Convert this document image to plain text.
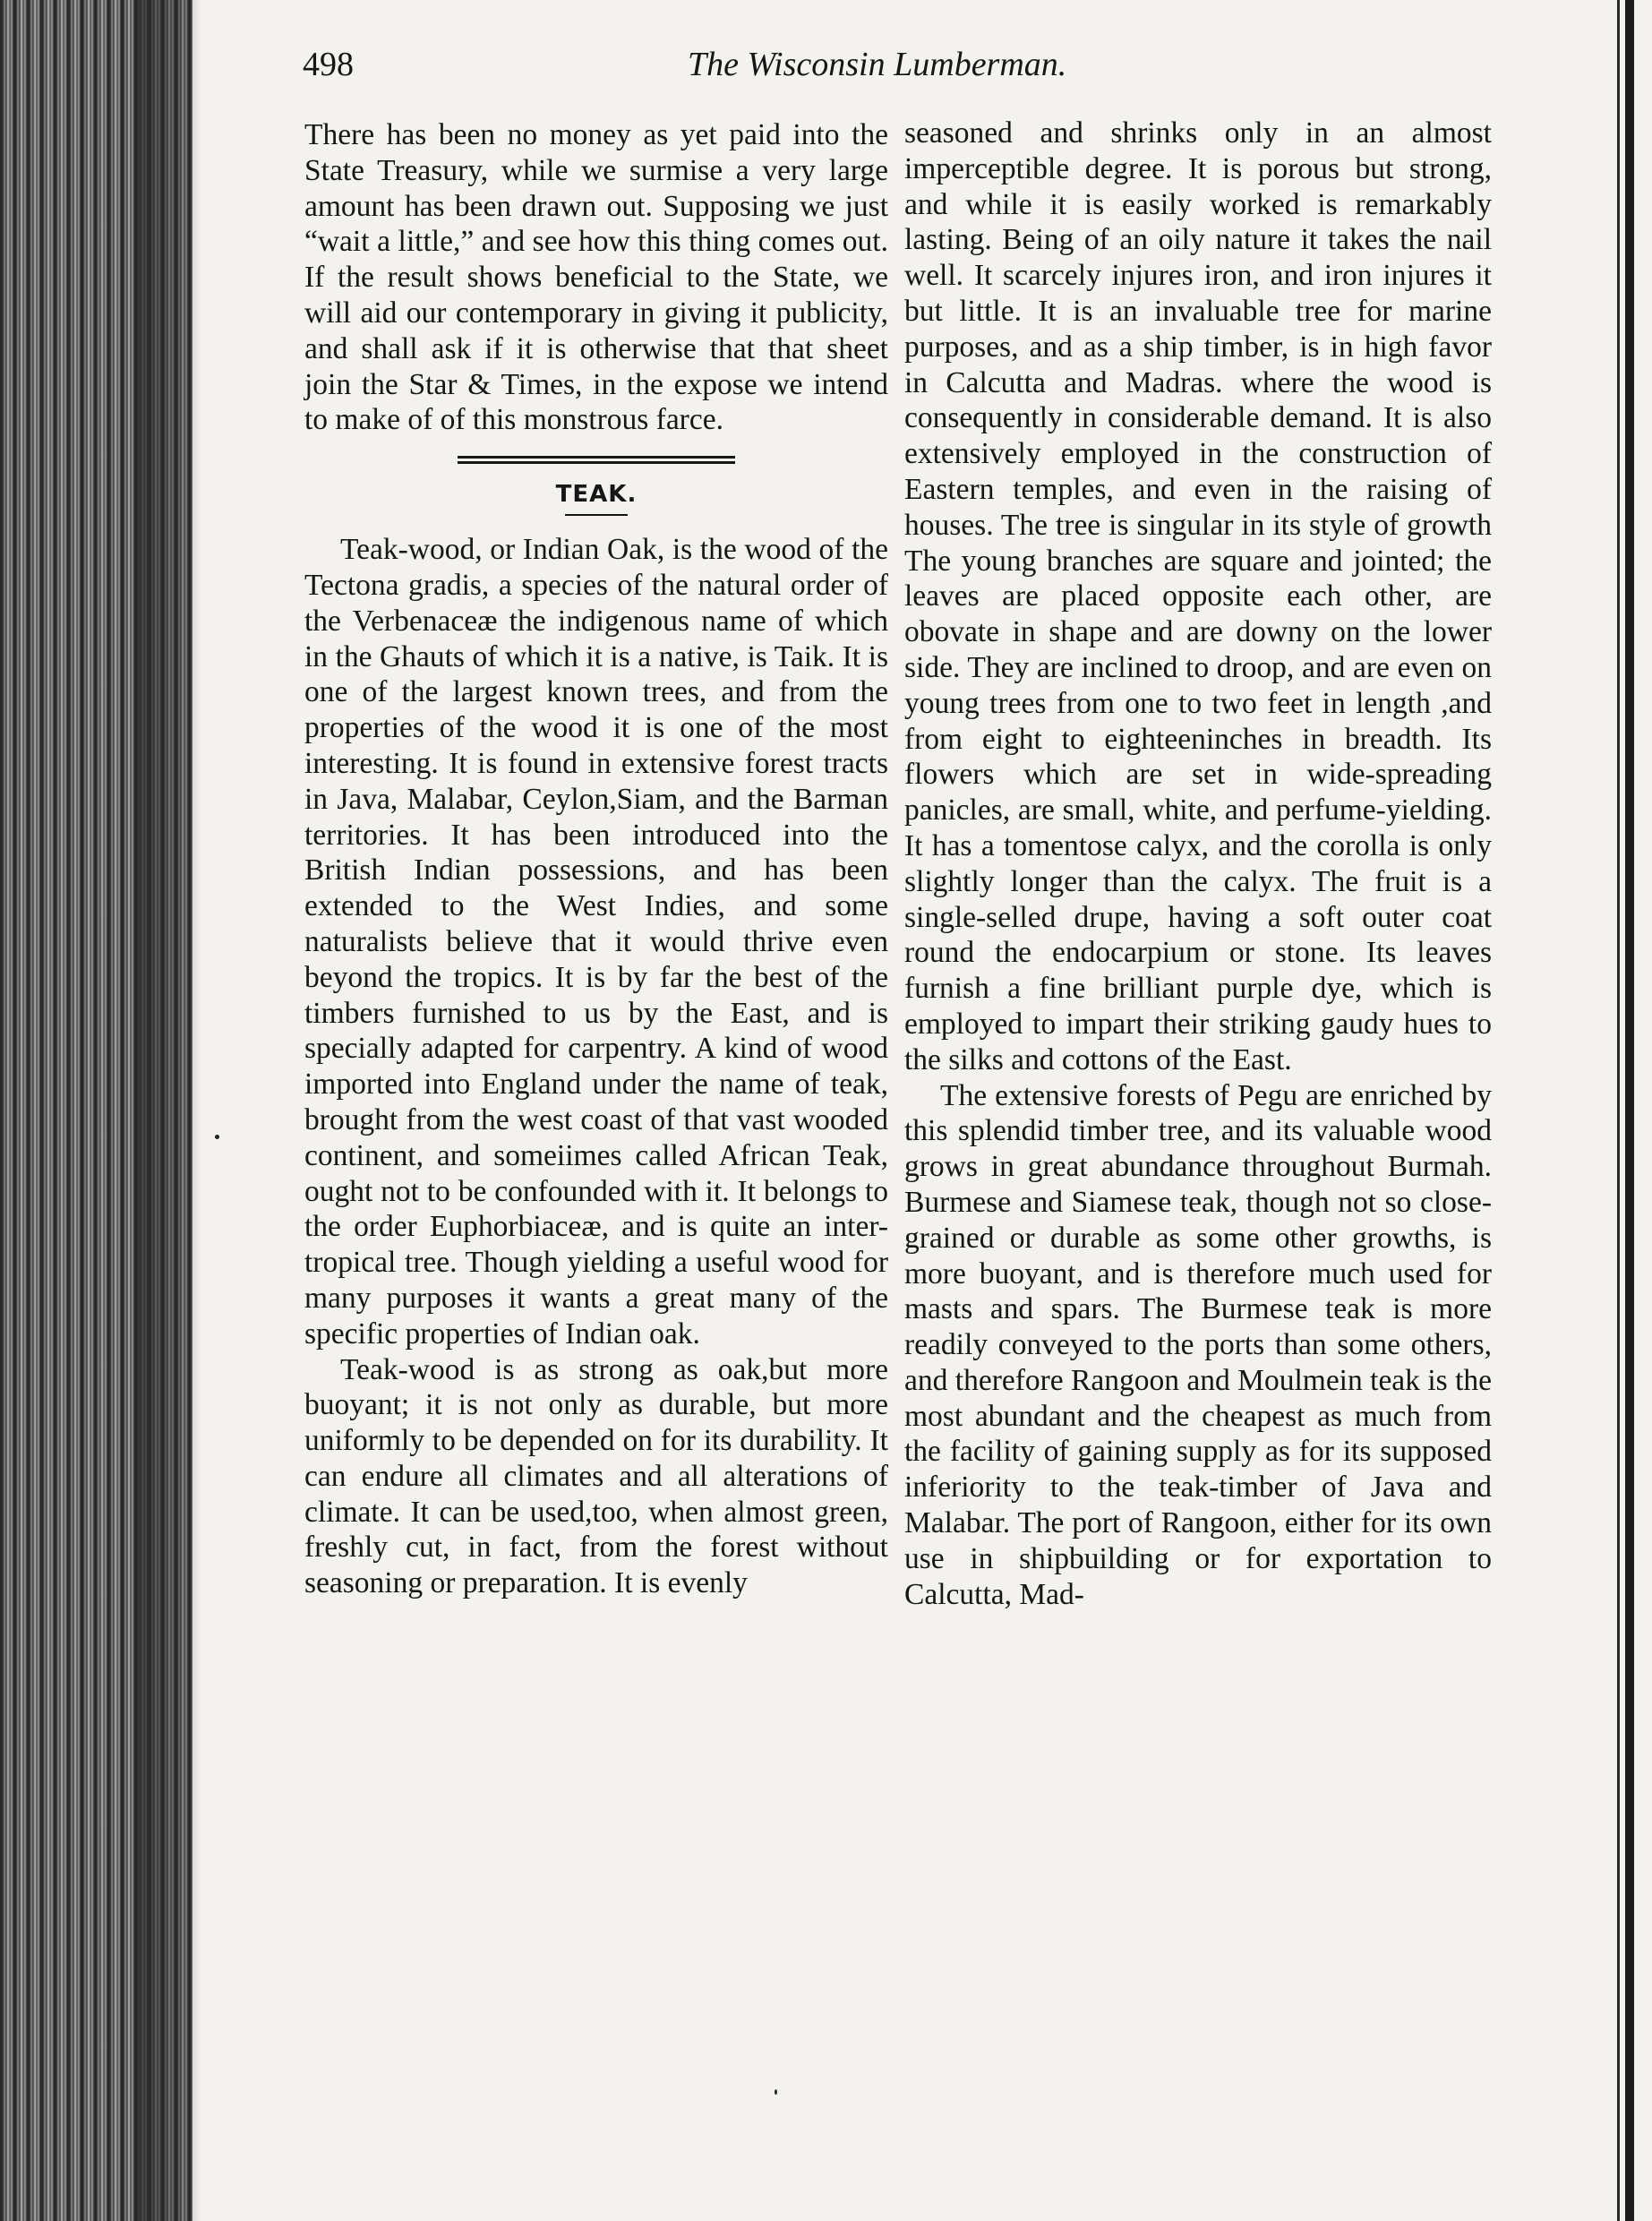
498	The Wisconsin Lumberman.

There has been no money as yet paid into the State Treasury, while we surmise a very large amount has been drawn out. Supposing we just “wait a little,” and see how this thing comes out. If the result shows beneficial to the State, we will aid our contemporary in giving it publicity, and shall ask if it is otherwise that that sheet join the Star & Times, in the expose we intend to make of of this monstrous farce.

TEAK.

Teak-wood, or Indian Oak, is the wood of the Tectona gradis, a species of the natural order of the Verbenaceæ the indigenous name of which in the Ghauts of which it is a native, is Taik. It is one of the largest known trees, and from the properties of the wood it is one of the most interesting. It is found in extensive forest tracts in Java, Malabar, Ceylon,Siam, and the Barman territories. It has been introduced into the British Indian possessions, and has been extended to the West Indies, and some naturalists believe that it would thrive even beyond the tropics. It is by far the best of the timbers furnished to us by the East, and is specially adapted for carpentry. A kind of wood imported into England under the name of teak, brought from the west coast of that vast wooded continent, and someiimes called African Teak, ought not to be confounded with it. It belongs to the order Euphorbiaceæ, and is quite an inter-tropical tree. Though yielding a useful wood for many purposes it wants a great many of the specific properties of Indian oak.

Teak-wood is as strong as oak,but more buoyant; it is not only as durable, but more uniformly to be depended on for its durability. It can endure all climates and all alterations of climate. It can be used,too, when almost green, freshly cut, in fact, from the forest without seasoning or preparation. It is evenly

seasoned and shrinks only in an almost imperceptible degree. It is porous but strong, and while it is easily worked is remarkably lasting. Being of an oily nature it takes the nail well. It scarcely injures iron, and iron injures it but little. It is an invaluable tree for marine purposes, and as a ship timber, is in high favor in Calcutta and Madras. where the wood is consequently in considerable demand. It is also extensively employed in the construction of Eastern temples, and even in the raising of houses. The tree is singular in its style of growth The young branches are square and jointed; the leaves are placed opposite each other, are obovate in shape and are downy on the lower side. They are inclined to droop, and are even on young trees from one to two feet in length ,and from eight to eighteeninches in breadth. Its flowers which are set in wide-spreading panicles, are small, white, and perfume-yielding. It has a tomentose calyx, and the corolla is only slightly longer than the calyx. The fruit is a single-selled drupe, having a soft outer coat round the endocarpium or stone. Its leaves furnish a fine brilliant purple dye, which is employed to impart their striking gaudy hues to the silks and cottons of the East.

The extensive forests of Pegu are enriched by this splendid timber tree, and its valuable wood grows in great abundance throughout Burmah. Burmese and Siamese teak, though not so close-grained or durable as some other growths, is more buoyant, and is therefore much used for masts and spars. The Burmese teak is more readily conveyed to the ports than some others, and therefore Rangoon and Moulmein teak is the most abundant and the cheapest as much from the facility of gaining supply as for its supposed inferiority to the teak-timber of Java and Malabar. The port of Rangoon, either for its own use in shipbuilding or for exportation to Calcutta, Mad-
